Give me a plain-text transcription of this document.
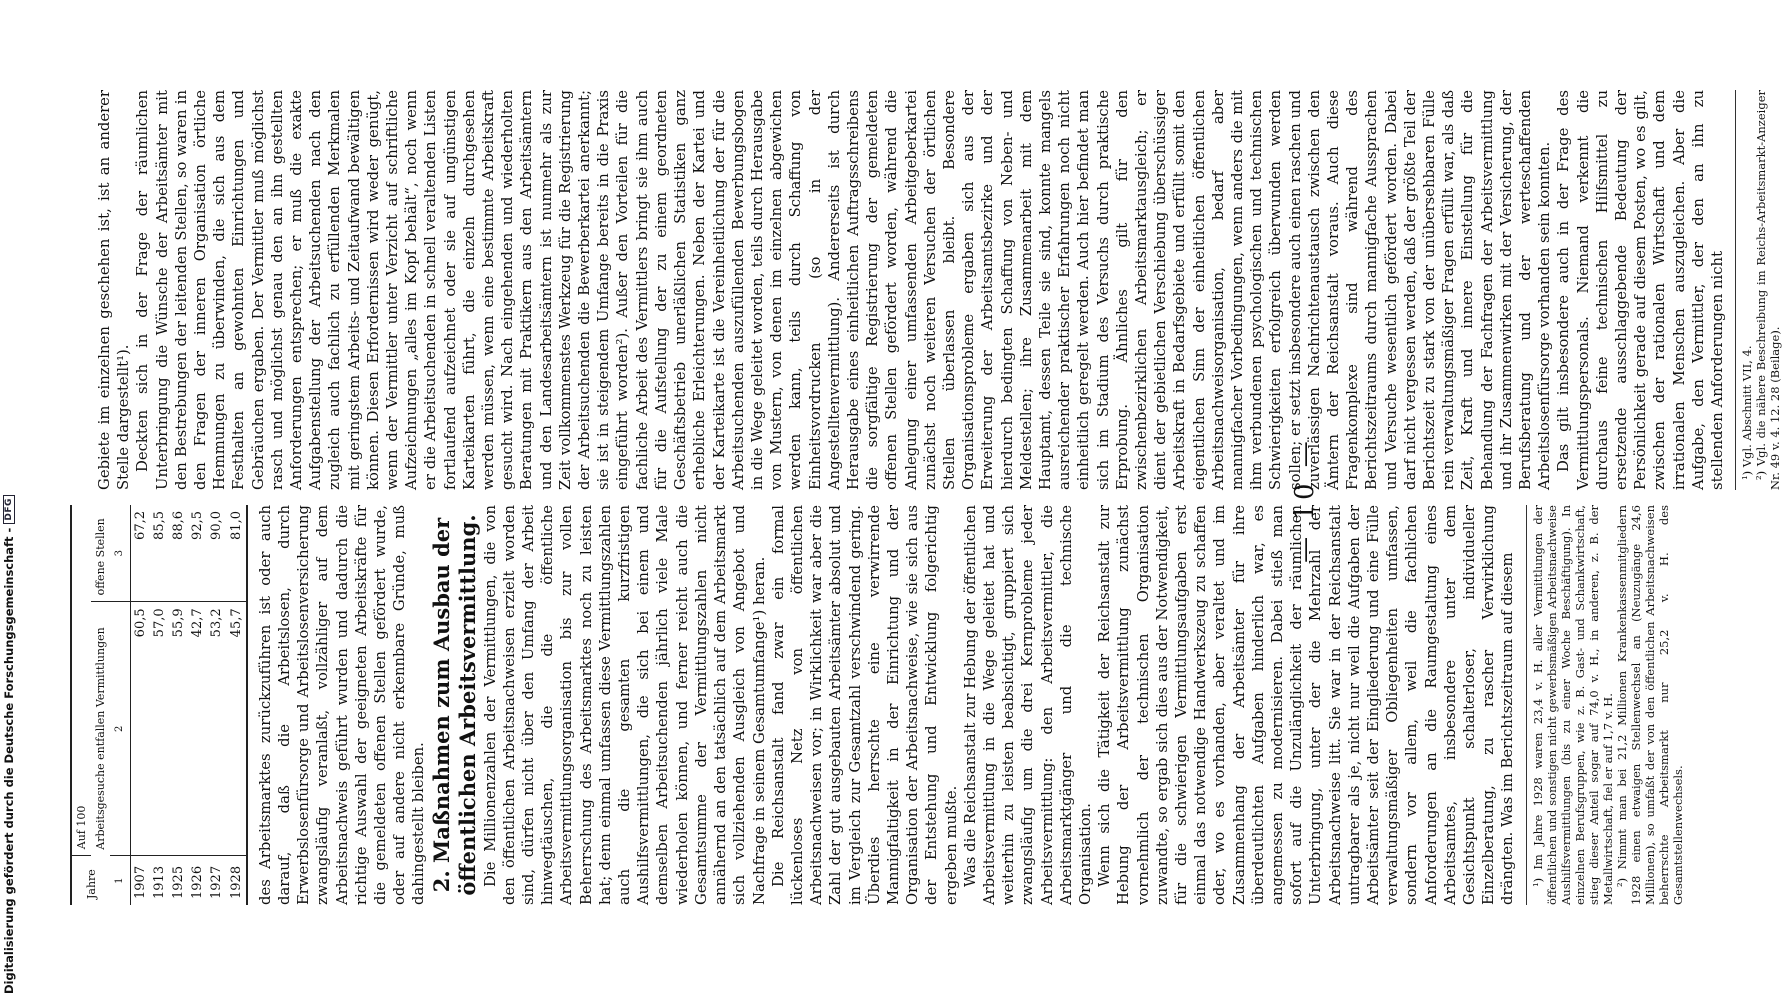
Jahre	Auf 100	
	Arbeitsgesuche entfallen Vermittlungen	offene Stellen
1	2	3
1907	60,5	67,2
1913	57,0	85,5
1925	55,9	88,6
1926	42,7	92,5
1927	53,2	90,0
1928	45,7	81,0 des Arbeitsmarktes zurückzuführen ist oder auch darauf, daß die Arbeitslosen, durch Erwerbslosenfürsorge und Arbeitslosenversicherung zwangsläufig veranlaßt, vollzähliger auf dem Arbeitsnachweis geführt wurden und dadurch die richtige Auswahl der geeigneten Arbeitskräfte für die gemeldeten offenen Stellen gefördert wurde, oder auf andere nicht erkennbare Gründe, muß dahingestellt bleiben. 2. Maßnahmen zum Ausbau der öffentlichen Arbeitsvermittlung. Die Millionenzahlen der Vermittlungen, die von den öffentlichen Arbeitsnachweisen erzielt worden sind, dürfen nicht über den Umfang der Arbeit hinwegtäuschen, die die öffentliche Arbeitsvermittlungsorganisation bis zur vollen Beherrschung des Arbeitsmarktes noch zu leisten hat; denn einmal umfassen diese Vermittlungszahlen auch die gesamten kurzfristigen Aushilfsvermittlungen, die sich bei einem und demselben Arbeitsuchenden jährlich viele Male wiederholen können, und ferner reicht auch die Gesamtsumme der Vermittlungszahlen nicht annähernd an den tatsächlich auf dem Arbeitsmarkt sich vollziehenden Ausgleich von Angebot und Nachfrage in seinem Gesamtumfange¹) heran. Die Reichsanstalt fand zwar ein formal lückenloses Netz von öffentlichen Arbeitsnachweisen vor; in Wirklichkeit war aber die Zahl der gut ausgebauten Arbeitsämter absolut und im Vergleich zur Gesamtzahl verschwindend gering. Überdies herrschte eine verwirrende Mannigfaltigkeit in der Einrichtung und der Organisation der Arbeitsnachweise, wie sie sich aus der Entstehung und Entwicklung folgerichtig ergeben mußte. Was die Reichsanstalt zur Hebung der öffentlichen Arbeitsvermittlung in die Wege geleitet hat und weiterhin zu leisten beabsichtigt, gruppiert sich zwangsläufig um die drei Kernprobleme jeder Arbeitsvermittlung: den Arbeitsvermittler, die Arbeitsmarktgänger und die technische Organisation. Wenn sich die Tätigkeit der Reichsanstalt zur Hebung der Arbeitsvermittlung zunächst vornehmlich der technischen Organisation zuwandte, so ergab sich dies aus der Notwendigkeit, für die schwierigen Vermittlungsaufgaben erst einmal das notwendige Handwerkszeug zu schaffen oder, wo es vorhanden, aber veraltet und im Zusammenhang der Arbeitsämter für ihre überdeutlichten Aufgaben hinderlich war, es angemessen zu modernisieren. Dabei stieß man sofort auf die Unzulänglichkeit der räumlichen Unterbringung, unter der die Mehrzahl der Arbeitsnachweise litt. Sie war in der Reichsanstalt untragbarer als je, nicht nur weil die Aufgaben der Arbeitsämter seit der Eingliederung und eine Fülle verwaltungsmäßiger Obliegenheiten umfassen, sondern vor allem, weil die fachlichen Anforderungen an die Raumgestaltung eines Arbeitsamtes, insbesondere unter dem Gesichtspunkt schalterloser, individueller Einzelberatung, zu rascher Verwirklichung drängten. Was im Berichtszeitraum auf diesem ¹) Im Jahre 1928 waren 23,4 v. H. aller Vermittlungen der öffentlichen und sonstigen nicht gewerbsmäßigen Arbeitsnachweise Aushilfsvermittlungen (bis zu einer Woche Beschäftigung). In einzelnen Berufsgruppen, wie z. B. Gast- und Schankwirtschaft, stieg dieser Anteil sogar auf 74,0 v. H., in anderen, z. B. der Metallwirtschaft, fiel er auf 1,7 v. H. ²) Nimmt man bei 21,2 Millionen Krankenkassenmitgliedern 1928 einen etwaigen Stellenwechsel an (Neuzugänge 24,6 Millionen), so umfaßt der von den öffentlichen Arbeitsnachweisen beherrschte Arbeitsmarkt nur 25,2 v. H. des Gesamtstellenwechsels.

Gebiete im einzelnen geschehen ist, ist an anderer Stelle dargestellt¹). Deckten sich in der Frage der räumlichen Unterbringung die Wünsche der Arbeitsämter mit den Bestrebungen der leitenden Stellen, so waren in den Fragen der inneren Organisation örtliche Hemmungen zu überwinden, die sich aus dem Festhalten an gewohnten Einrichtungen und Gebräuchen ergaben. Der Vermittler muß möglichst rasch und möglichst genau den an ihn gestellten Anforderungen entsprechen; er muß die exakte Aufgabenstellung der Arbeitsuchenden nach den zugleich auch fachlich zu erfüllenden Merkmalen mit geringstem Arbeits- und Zeitaufwand bewältigen können. Diesen Erfordernissen wird weder genügt, wenn der Vermittler unter Verzicht auf schriftliche Aufzeichnungen „alles im Kopf behält“, noch wenn er die Arbeitsuchenden in schnell veraltenden Listen fortlaufend aufzeichnet oder sie auf ungünstigen Karteikarten führt, die einzeln durchgesehen werden müssen, wenn eine bestimmte Arbeitskraft gesucht wird. Nach eingehenden und wiederholten Beratungen mit Praktikern aus den Arbeitsämtern und den Landesarbeitsämtern ist nunmehr als zur Zeit vollkommenstes Werkzeug für die Registrierung der Arbeitsuchenden die Bewerberkartei anerkannt; sie ist in steigendem Umfange bereits in die Praxis eingeführt worden²). Außer den Vorteilen für die fachliche Arbeit des Vermittlers bringt sie ihm auch für die Aufstellung der zu einem geordneten Geschäftsbetrieb unerläßlichen Statistiken ganz erhebliche Erleichterungen. Neben der Kartei und der Karteikarte ist die Vereinheitlichung der für die Arbeitsuchenden auszufüllenden Bewerbungsbogen in die Wege geleitet worden, teils durch Herausgabe von Mustern, von denen im einzelnen abgewichen werden kann, teils durch Schaffung von Einheitsvordrucken (so in der Angestelltenvermittlung). Andererseits ist durch Herausgabe eines einheitlichen Auftragsschreibens die sorgfältige Registrierung der gemeldeten offenen Stellen gefördert worden, während die Anlegung einer umfassenden Arbeitgeberkartei zunächst noch weiteren Versuchen der örtlichen Stellen überlassen bleibt. Besondere Organisationsprobleme ergaben sich aus der Erweiterung der Arbeitsamtsbezirke und der hierdurch bedingten Schaffung von Neben- und Meldestellen; ihre Zusammenarbeit mit dem Hauptamt, dessen Teile sie sind, konnte mangels ausreichender praktischer Erfahrungen noch nicht einheitlich geregelt werden. Auch hier befindet man sich im Stadium des Versuchs durch praktische Erprobung. Ähnliches gilt für den zwischenbezirklichen Arbeitsmarktausgleich; er dient der gebietlichen Verschiebung überschüssiger Arbeitskraft in Bedarfsgebiete und erfüllt somit den eigentlichen Sinn der einheitlichen öffentlichen Arbeitsnachweisorganisation, bedarf aber mannigfacher Vorbedingungen, wenn anders die mit ihm verbundenen psychologischen und technischen Schwierigkeiten erfolgreich überwunden werden sollen; er setzt insbesondere auch einen raschen und zuverlässigen Nachrichtenaustausch zwischen den Ämtern der Reichsanstalt voraus. Auch diese Fragenkomplexe sind während des Berichtszeitraums durch mannigfache Aussprachen und Versuche wesentlich gefördert worden. Dabei darf nicht vergessen werden, daß der größte Teil der Berichtszeit zu stark von der unübersehbaren Fülle rein verwaltungsmäßiger Fragen erfüllt war, als daß Zeit, Kraft und innere Einstellung für die Behandlung der Fachfragen der Arbeitsvermittlung und ihr Zusammenwirken mit der Versicherung, der Berufsberatung und der werteschaffenden Arbeitslosenfürsorge vorhanden sein konnten. Das gilt insbesondere auch in der Frage des Vermittlungspersonals. Niemand verkennt die durchaus feine technischen Hilfsmittel zu ersetzende ausschlaggebende Bedeutung der Persönlichkeit gerade auf diesem Posten, wo es gilt, zwischen der rationalen Wirtschaft und dem irrationalen Menschen auszugleichen. Aber die Aufgabe, den Vermittler, der den an ihn zu stellenden Anforderungen nicht ¹) Vgl. Abschnitt VII, 4. ²) Vgl. die nähere Beschreibung im Reichs-Arbeitsmarkt-Anzeiger Nr. 49 v. 4. 12. 28 (Beilage).

— 10 —
Digitalisierung gefördert durch die Deutsche Forschungsgemeinschaft -
DFG
